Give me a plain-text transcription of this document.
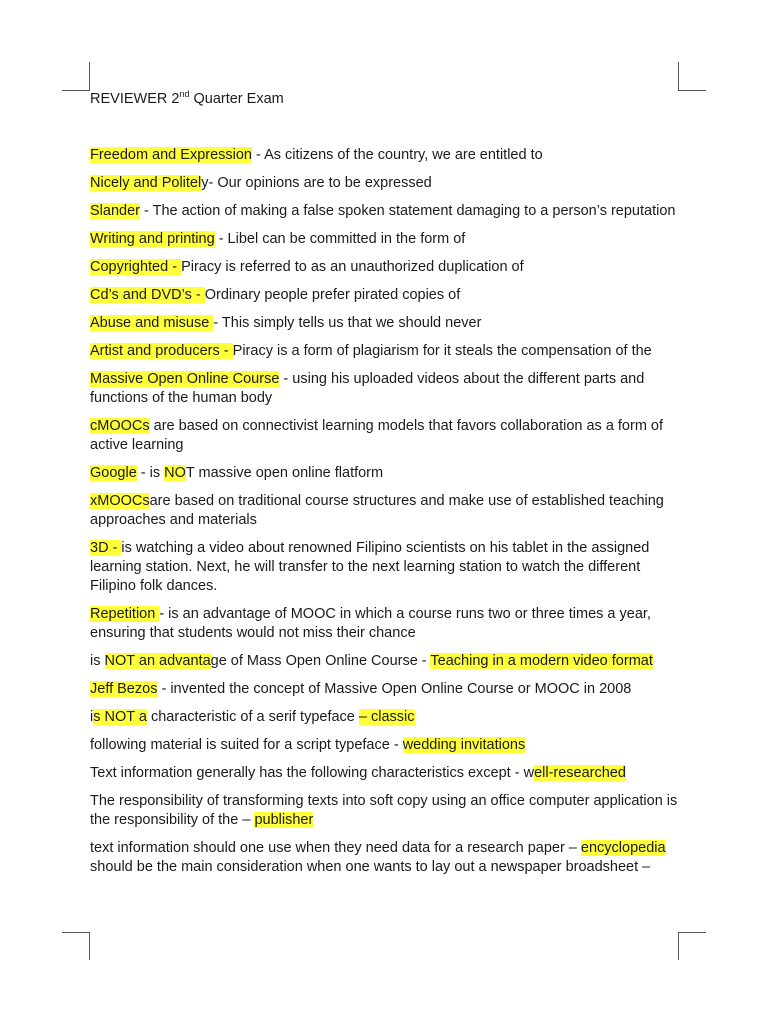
REVIEWER 2nd Quarter Exam
Freedom and Expression - As citizens of the country, we are entitled to
Nicely and Politely- Our opinions are to be expressed
Slander - The action of making a false spoken statement damaging to a person’s reputation
Writing and printing - Libel can be committed in the form of
Copyrighted - Piracy is referred to as an unauthorized duplication of
Cd’s and DVD’s - Ordinary people prefer pirated copies of
Abuse and misuse - This simply tells us that we should never
Artist and producers - Piracy is a form of plagiarism for it steals the compensation of the
Massive Open Online Course - using his uploaded videos about the different parts and functions of the human body
cMOOCs are based on connectivist learning models that favors collaboration as a form of active learning
Google - is NOT massive open online flatform
xMOOCsare based on traditional course structures and make use of established teaching approaches and materials
3D - is watching a video about renowned Filipino scientists on his tablet in the assigned learning station. Next, he will transfer to the next learning station to watch the different Filipino folk dances.
Repetition - is an advantage of MOOC in which a course runs two or three times a year, ensuring that students would not miss their chance
is NOT an advantage of Mass Open Online Course - Teaching in a modern video format
Jeff Bezos - invented the concept of Massive Open Online Course or MOOC in 2008
is NOT a characteristic of a serif typeface – classic
following material is suited for a script typeface - wedding invitations
Text information generally has the following characteristics except - well-researched
The responsibility of transforming texts into soft copy using an office computer application is the responsibility of the – publisher
text information should one use when they need data for a research paper – encyclopedia
should be the main consideration when one wants to lay out a newspaper broadsheet –
